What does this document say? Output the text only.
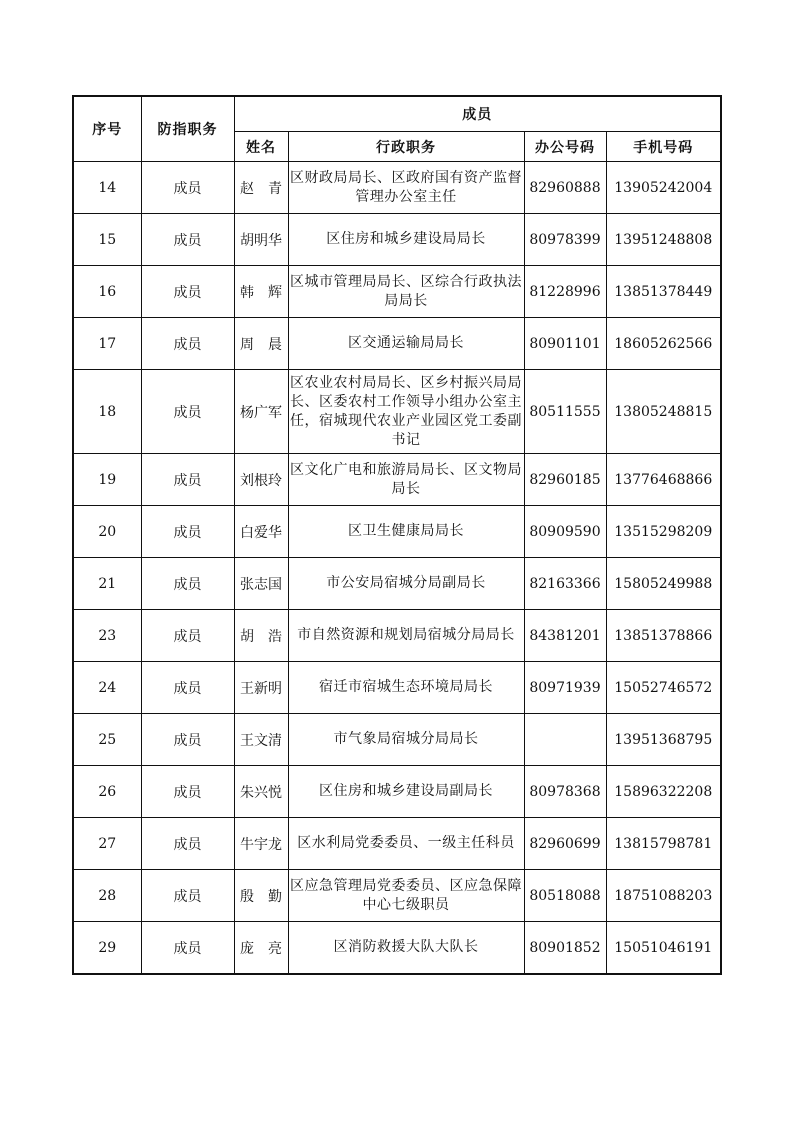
序号	防指职务	成员			
		姓名	行政职务	办公号码	手机号码
14	成员	赵　青	区财政局局长、区政府国有资产监督管理办公室主任	82960888	13905242004
15	成员	胡明华	区住房和城乡建设局局长	80978399	13951248808
16	成员	韩　辉	区城市管理局局长、区综合行政执法局局长	81228996	13851378449
17	成员	周　晨	区交通运输局局长	80901101	18605262566
18	成员	杨广军	区农业农村局局长、区乡村振兴局局长、区委农村工作领导小组办公室主任，宿城现代农业产业园区党工委副书记	80511555	13805248815
19	成员	刘根玲	区文化广电和旅游局局长、区文物局局长	82960185	13776468866
20	成员	白爱华	区卫生健康局局长	80909590	13515298209
21	成员	张志国	市公安局宿城分局副局长	82163366	15805249988
23	成员	胡　浩	市自然资源和规划局宿城分局局长	84381201	13851378866
24	成员	王新明	宿迁市宿城生态环境局局长	80971939	15052746572
25	成员	王文清	市气象局宿城分局局长		13951368795
26	成员	朱兴悦	区住房和城乡建设局副局长	80978368	15896322208
27	成员	牛宇龙	区水利局党委委员、一级主任科员	82960699	13815798781
28	成员	殷　勤	区应急管理局党委委员、区应急保障中心七级职员	80518088	18751088203
29	成员	庞　亮	区消防救援大队大队长	80901852	15051046191
